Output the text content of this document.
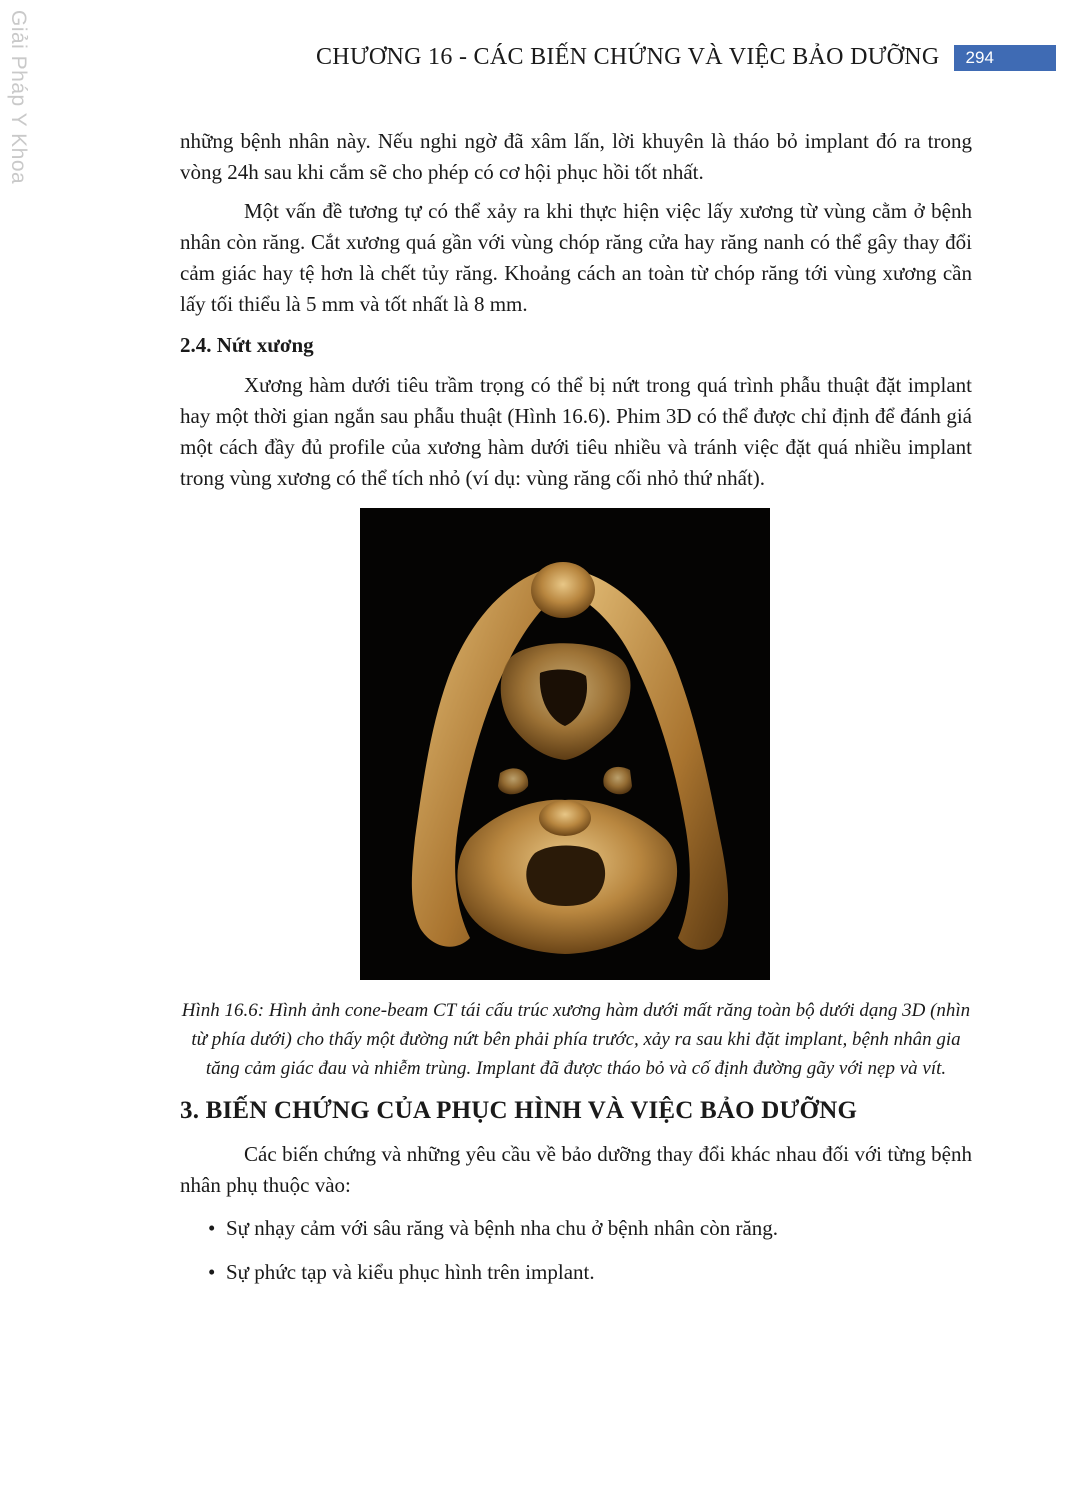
Giải Pháp Y Khoa	CHƯƠNG 16 - CÁC BIẾN CHỨNG VÀ VIỆC BẢO DƯỠNG	294

những bệnh nhân này. Nếu nghi ngờ đã xâm lấn, lời khuyên là tháo bỏ implant đó ra trong vòng 24h sau khi cắm sẽ cho phép có cơ hội phục hồi tốt nhất.

Một vấn đề tương tự có thể xảy ra khi thực hiện việc lấy xương từ vùng cằm ở bệnh nhân còn răng. Cắt xương quá gần với vùng chóp răng cửa hay răng nanh có thể gây thay đổi cảm giác hay tệ hơn là chết tủy răng. Khoảng cách an toàn từ chóp răng tới vùng xương cần lấy tối thiểu là 5 mm và tốt nhất là 8 mm.

2.4. Nứt xương

Xương hàm dưới tiêu trầm trọng có thể bị nứt trong quá trình phẫu thuật đặt implant hay một thời gian ngắn sau phẫu thuật (Hình 16.6). Phim 3D có thể được chỉ định để đánh giá một cách đầy đủ profile của xương hàm dưới tiêu nhiều và tránh việc đặt quá nhiều implant trong vùng xương có thể tích nhỏ (ví dụ: vùng răng cối nhỏ thứ nhất).

Hình 16.6: Hình ảnh cone-beam CT tái cấu trúc xương hàm dưới mất răng toàn bộ dưới dạng 3D (nhìn từ phía dưới) cho thấy một đường nứt bên phải phía trước, xảy ra sau khi đặt implant, bệnh nhân gia tăng cảm giác đau và nhiễm trùng. Implant đã được tháo bỏ và cố định đường gãy với nẹp và vít.

3. BIẾN CHỨNG CỦA PHỤC HÌNH VÀ VIỆC BẢO DƯỠNG

Các biến chứng và những yêu cầu về bảo dưỡng thay đổi khác nhau đối với từng bệnh nhân phụ thuộc vào:

• Sự nhạy cảm với sâu răng và bệnh nha chu ở bệnh nhân còn răng.
• Sự phức tạp và kiểu phục hình trên implant.
